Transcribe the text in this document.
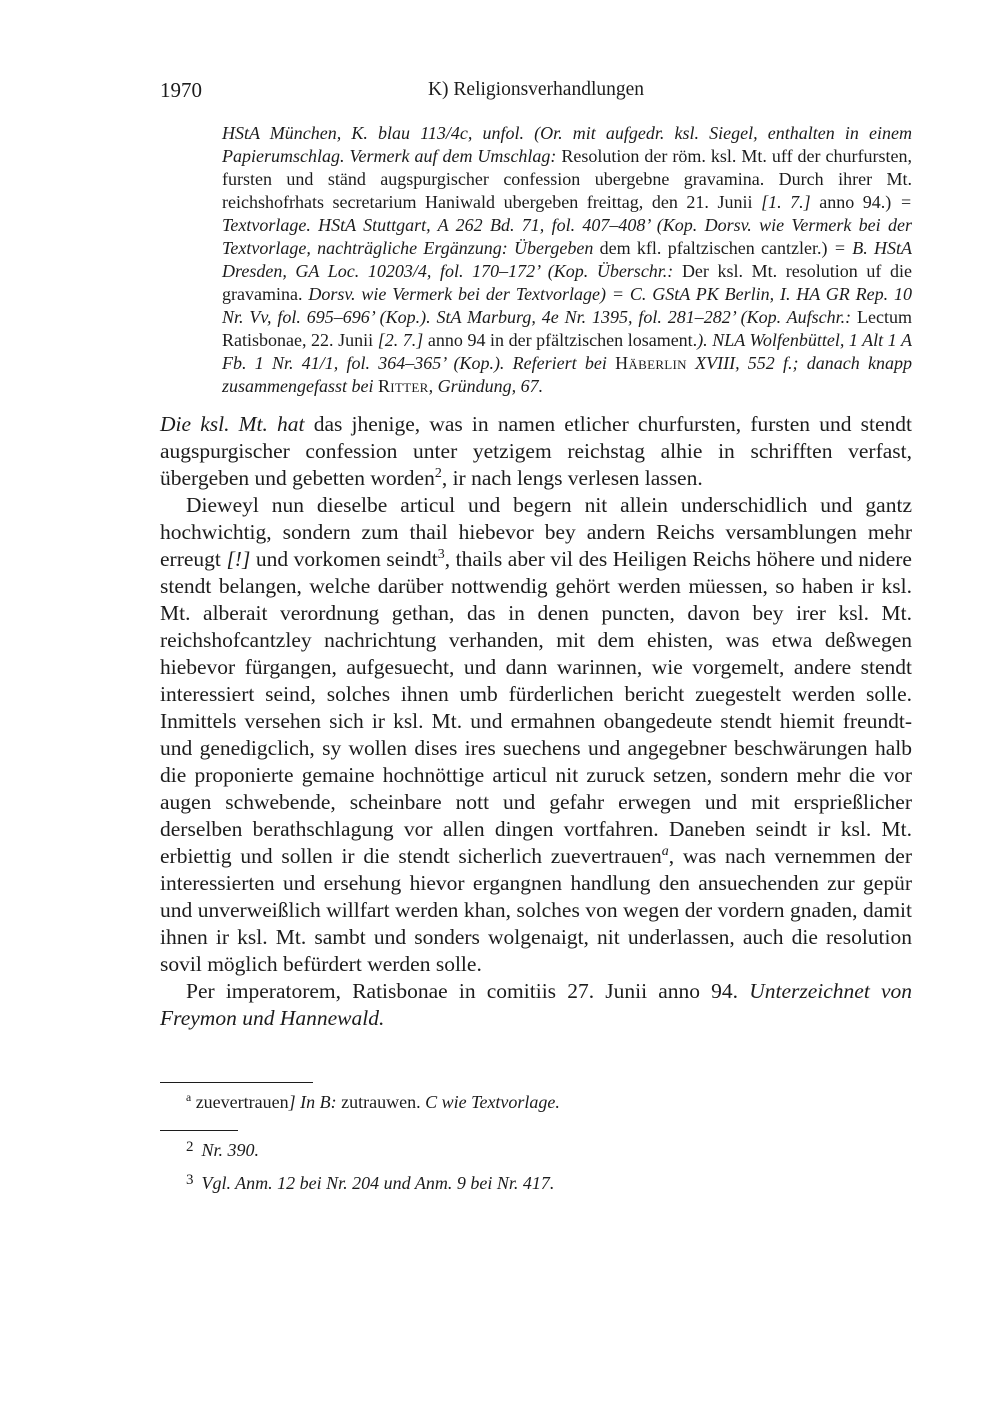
1970	K) Religionsverhandlungen
HStA München, K. blau 113/4c, unfol. (Or. mit aufgedr. ksl. Siegel, enthalten in einem Papierumschlag. Vermerk auf dem Umschlag: Resolution der röm. ksl. Mt. uff der churfursten, fursten und ständ augspurgischer confession ubergebne gravamina. Durch ihrer Mt. reichshofrhats secretarium Haniwald ubergeben freittag, den 21. Junii [1. 7.] anno 94.) = Textvorlage. HStA Stuttgart, A 262 Bd. 71, fol. 407–408’ (Kop. Dorsv. wie Vermerk bei der Textvorlage, nachträgliche Ergänzung: Übergeben dem kfl. pfaltzischen cantzler.) = B. HStA Dresden, GA Loc. 10203/4, fol. 170–172’ (Kop. Überschr.: Der ksl. Mt. resolution uf die gravamina. Dorsv. wie Vermerk bei der Textvorlage) = C. GStA PK Berlin, I. HA GR Rep. 10 Nr. Vv, fol. 695–696’ (Kop.). StA Marburg, 4e Nr. 1395, fol. 281–282’ (Kop. Aufschr.: Lectum Ratisbonae, 22. Junii [2. 7.] anno 94 in der pfältzischen losament.). NLA Wolfenbüttel, 1 Alt 1 A Fb. 1 Nr. 41/1, fol. 364–365’ (Kop.). Referiert bei Häberlin XVIII, 552 f.; danach knapp zusammengefasst bei Ritter, Gründung, 67.

Die ksl. Mt. hat das jhenige, was in namen etlicher churfursten, fursten und stendt augspurgischer confession unter yetzigem reichstag alhie in schrifften verfast, übergeben und gebetten worden$^2$, ir nach lengs verlesen lassen.

Dieweyl nun dieselbe articul und begern nit allein underschidlich und gantz hochwichtig, sondern zum thail hiebevor bey andern Reichs versamblungen mehr erreugt [!] und vorkomen seindt$^3$, thails aber vil des Heiligen Reichs höhere und nidere stendt belangen, welche darüber nottwendig gehört werden müessen, so haben ir ksl. Mt. alberait verordnung gethan, das in denen puncten, davon bey irer ksl. Mt. reichshofcantzley nachrichtung verhanden, mit dem ehisten, was etwa deßwegen hiebevor fürgangen, aufgesuecht, und dann warinnen, wie vorgemelt, andere stendt interessiert seind, solches ihnen umb fürderlichen bericht zuegestelt werden solle. Inmittels versehen sich ir ksl. Mt. und ermahnen obangedeute stendt hiemit freundt- und genedigclich, sy wollen dises ires suechens und angegebner beschwärungen halb die proponierte gemaine hochnöttige articul nit zuruck setzen, sondern mehr die vor augen schwebende, scheinbare nott und gefahr erwegen und mit ersprießlicher derselben berathschlagung vor allen dingen vortfahren. Daneben seindt ir ksl. Mt. erbiettig und sollen ir die stendt sicherlich zuevertrauen$^a$, was nach vernemmen der interessierten und ersehung hievor ergangnen handlung den ansuechenden zur gepür und unverweißlich willfart werden khan, solches von wegen der vordern gnaden, damit ihnen ir ksl. Mt. sambt und sonders wolgenaigt, nit underlassen, auch die resolution sovil möglich befürdert werden solle.

Per imperatorem, Ratisbonae in comitiis 27. Junii anno 94. Unterzeichnet von Freymon und Hannewald.

$^a$ zuevertrauen] In B: zutrauwen. C wie Textvorlage.
$^2$ Nr. 390.
$^3$ Vgl. Anm. 12 bei Nr. 204 und Anm. 9 bei Nr. 417.
